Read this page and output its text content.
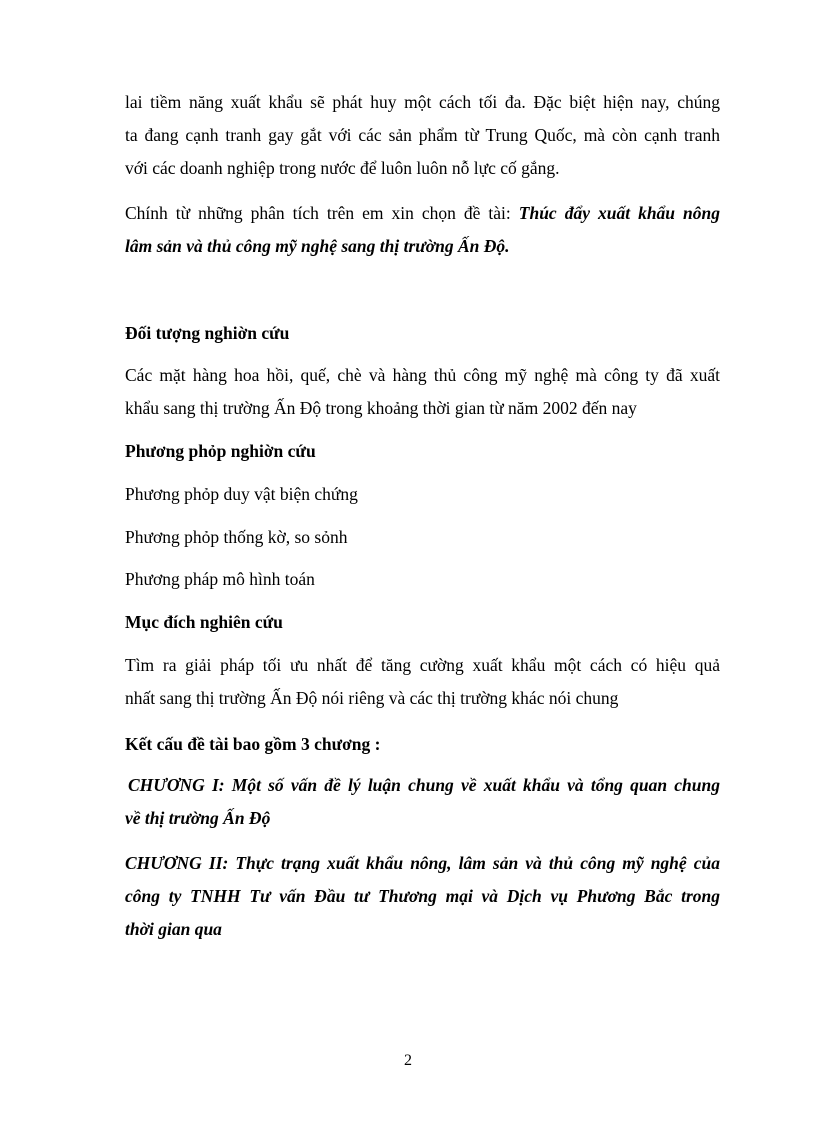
lai tiềm năng xuất khẩu sẽ phát huy một cách tối đa. Đặc biệt hiện nay, chúng
ta đang cạnh tranh gay gắt với các sản phẩm từ Trung Quốc, mà còn cạnh tranh
với các doanh nghiệp trong nước để luôn luôn nỗ lực cố gắng.
Chính từ những phân tích trên em xin chọn đề tài: Thúc đẩy xuất khẩu nông
lâm sản và thủ công mỹ nghệ sang thị trường Ấn Độ.
Đối tượng nghiờn cứu
Các mặt hàng hoa hồi, quế, chè và hàng thủ công mỹ nghệ mà công ty đã xuất
khẩu sang thị trường Ấn Độ trong khoảng thời gian từ năm 2002 đến nay
Phương phỏp nghiờn cứu
Phương phỏp duy vật biện chứng
Phương phỏp thống kờ, so sỏnh
Phương pháp mô hình toán
Mục đích nghiên cứu
Tìm ra giải pháp tối ưu nhất để tăng cường xuất khẩu một cách có hiệu quả
nhất sang thị trường Ấn Độ nói riêng và các thị trường khác nói chung
Kết cấu đề tài bao gồm 3 chương :
CHƯƠNG I: Một số vấn đề lý luận chung về xuất khẩu và tổng quan chung
về thị trường Ấn Độ
CHƯƠNG II: Thực trạng xuất khẩu nông, lâm sản và thủ công mỹ nghệ của
công ty TNHH Tư vấn Đầu tư Thương mại và Dịch vụ Phương Bắc trong
thời gian qua
2
